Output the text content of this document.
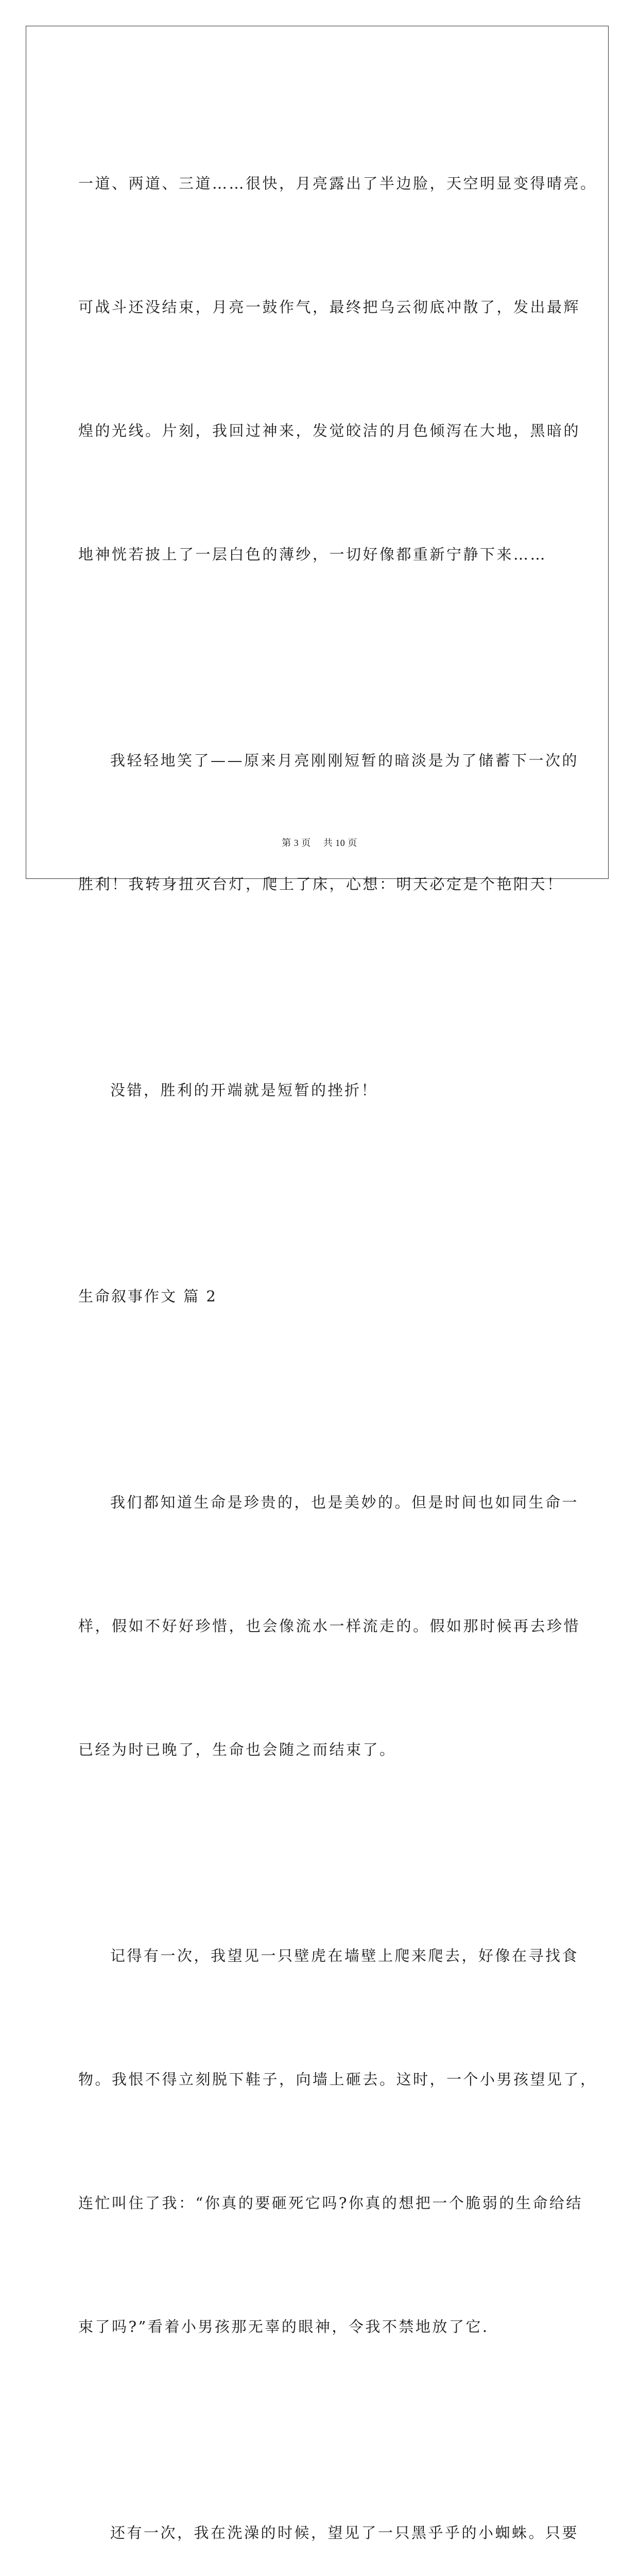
一道、两道、三道……很快，月亮露出了半边脸，天空明显变得晴亮。

可战斗还没结束，月亮一鼓作气，最终把乌云彻底冲散了，发出最辉

煌的光线。片刻，我回过神来，发觉皎洁的月色倾泻在大地，黑暗的

地神恍若披上了一层白色的薄纱，一切好像都重新宁静下来……

我轻轻地笑了——原来月亮刚刚短暂的暗淡是为了储蓄下一次的

胜利！我转身扭灭台灯，爬上了床，心想：明天必定是个艳阳天！

没错，胜利的开端就是短暂的挫折！

生命叙事作文 篇 2

我们都知道生命是珍贵的，也是美妙的。但是时间也如同生命一

样，假如不好好珍惜，也会像流水一样流走的。假如那时候再去珍惜

已经为时已晚了，生命也会随之而结束了。

记得有一次，我望见一只壁虎在墙壁上爬来爬去，好像在寻找食

物。我恨不得立刻脱下鞋子，向墙上砸去。这时，一个小男孩望见了，

连忙叫住了我：“你真的要砸死它吗?你真的想把一个脆弱的生命给结

束了吗?”看着小男孩那无辜的眼神，令我不禁地放了它.

还有一次，我在洗澡的时候，望见了一只黑乎乎的小蜘蛛。只要

第 3 页 共 10 页
